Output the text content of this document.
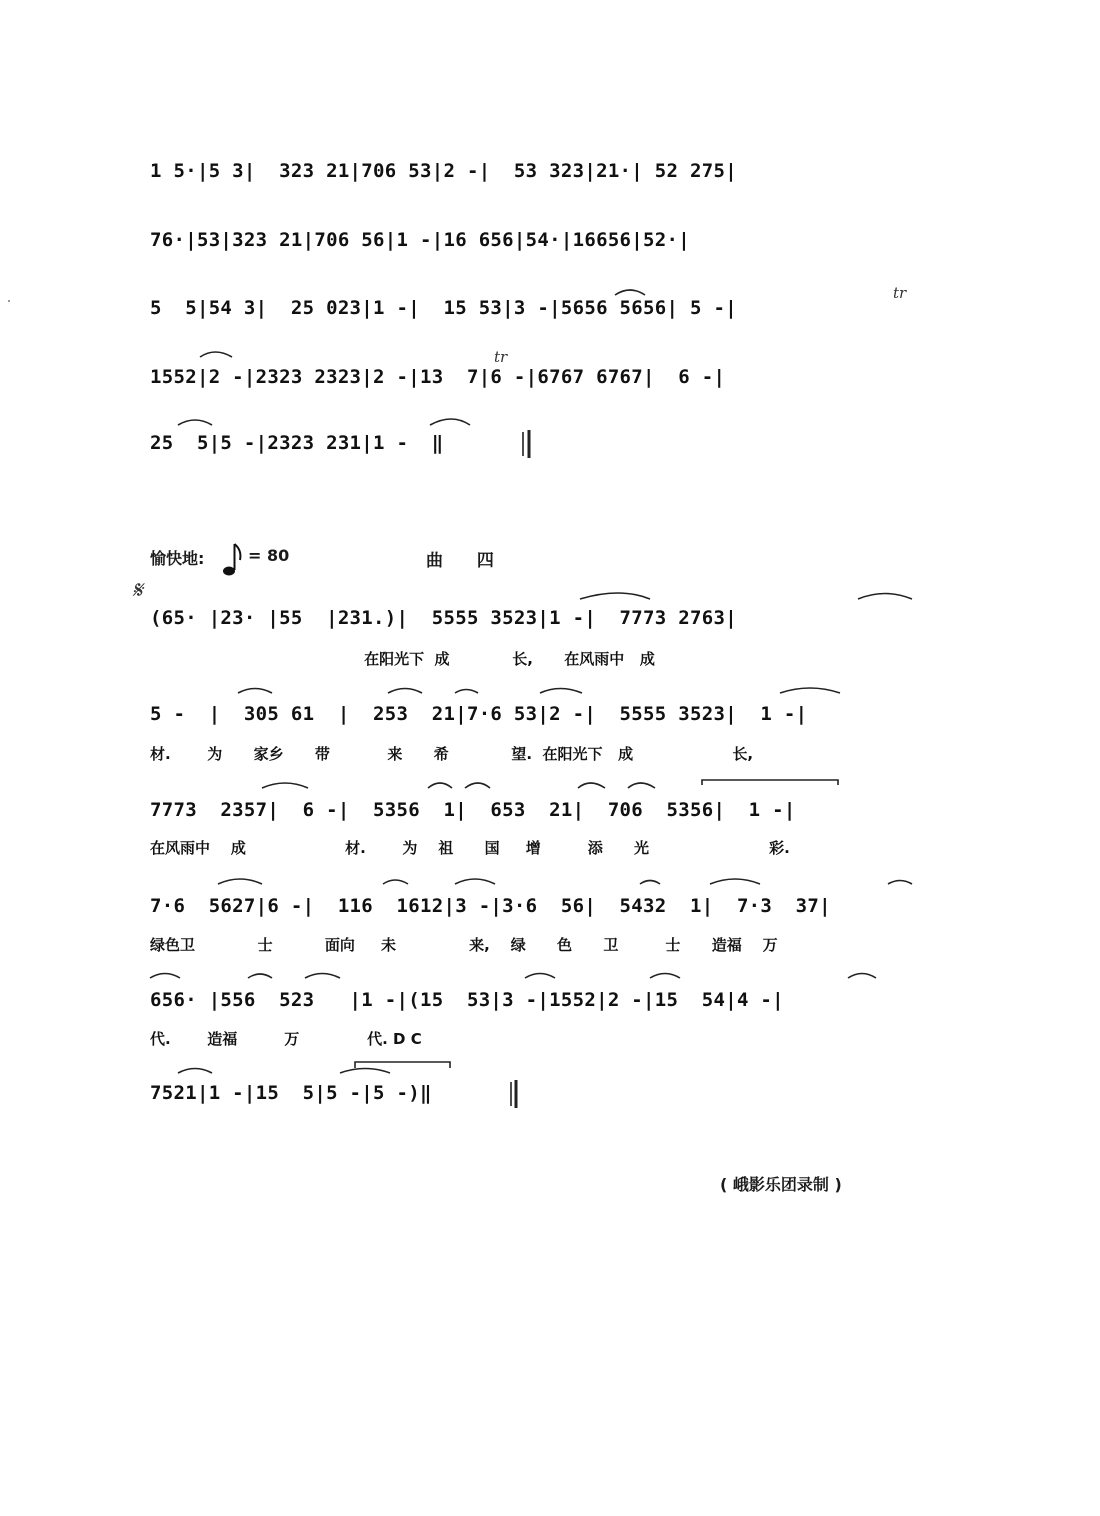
1 5·|5 3|  323 21|706 53|2 -|  53 323|21·| 52 275|
76·|53|323 21|706 56|1 -|16 656|54·|16656|52·|
5  5|54 3|  25 023|1 -|  15 53|3 -|5656 5656| 5 -|
1552|2 -|2323 2323|2 -|13  7|6 -|6767 6767|  6 -|
25  5|5 -|2323 231|1 -  ‖
tr
tr
愉快地:	= 80	曲 四
𝄋
(65· |23· |55  |231.)|  5555 3523|1 -|  7773 2763|
在阳光下  成            长,      在风雨中   成
5 -  |  305 61  |  253  21|7·6 53|2 -|  5555 3523|  1 -|
材.       为      家乡      带           来      希            望.  在阳光下   成                   长,
7773  2357|  6 -|  5356  1|  653  21|  706  5356|  1 -|
在风雨中    成                   材.       为    祖      国     增         添      光                       彩.
7·6  5627|6 -|  116  1612|3 -|3·6  56|  5432  1|  7·3  37|
绿色卫            士          面向     未              来,    绿      色      卫         士      造福    万
656· |556  523   |1 -|(15  53|3 -|1552|2 -|15  54|4 -|
代.       造福         万             代. D C
7521|1 -|15  5|5 -|5 -)‖
( 峨影乐团录制 )
